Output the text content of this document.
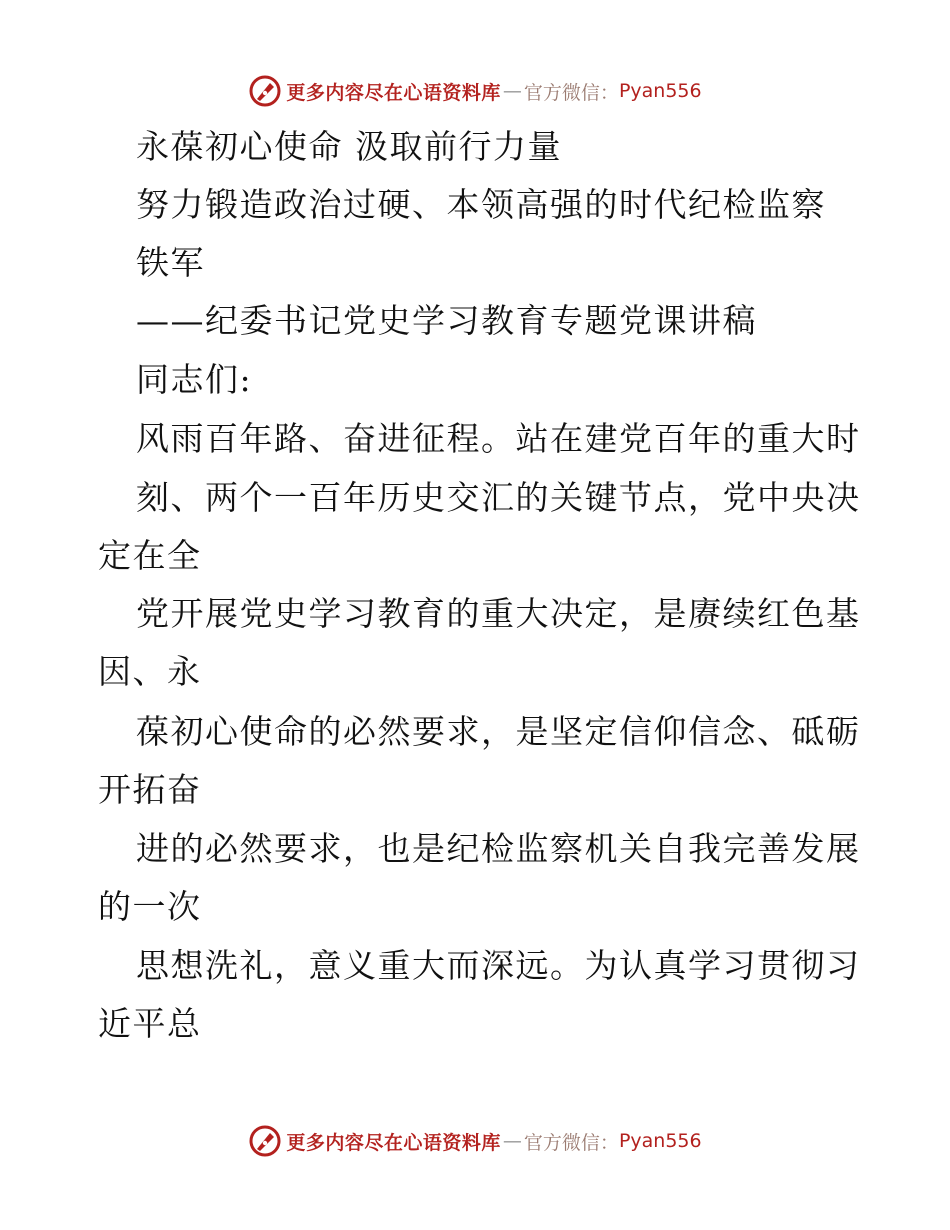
更多内容尽在心语资料库 — 官方微信： Pyan556
永葆初心使命 汲取前行力量
努力锻造政治过硬、本领高强的时代纪检监察
铁军
——纪委书记党史学习教育专题党课讲稿
同志们:
风雨百年路、奋进征程。站在建党百年的重大时
刻、两个一百年历史交汇的关键节点，党中央决
定在全
党开展党史学习教育的重大决定，是赓续红色基
因、永
葆初心使命的必然要求，是坚定信仰信念、砥砺
开拓奋
进的必然要求，也是纪检监察机关自我完善发展
的一次
思想洗礼，意义重大而深远。为认真学习贯彻习
近平总
更多内容尽在心语资料库 — 官方微信： Pyan556
